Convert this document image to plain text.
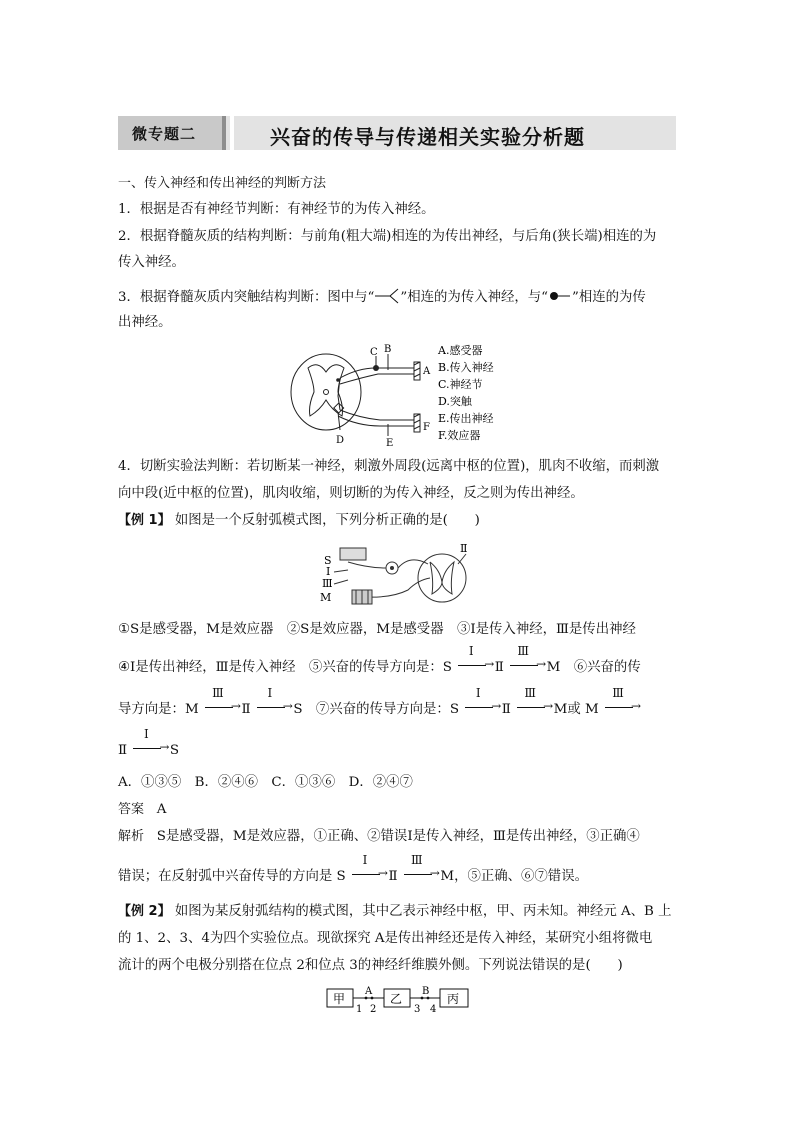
微专题二	兴奋的传导与传递相关实验分析题
一、传入神经和传出神经的判断方法
1．根据是否有神经节判断：有神经节的为传入神经。
2．根据脊髓灰质的结构判断：与前角(粗大端)相连的为传出神经，与后角(狭长端)相连的为
传入神经。
3．根据脊髓灰质内突触结构判断：图中与“ ”相连的为传入神经，与“ ”相连的为传
出神经。
C B
A
F
D	E
A.感受器
B.传入神经
C.神经节
D.突触
E.传出神经
F.效应器
4．切断实验法判断：若切断某一神经，刺激外周段(远离中枢的位置)，肌肉不收缩，而刺激
向中段(近中枢的位置)，肌肉收缩，则切断的为传入神经，反之则为传出神经。
【例 1】 如图是一个反射弧模式图，下列分析正确的是(　　)
S
I
Ⅲ
M
Ⅱ
①S是感受器，M是效应器　②S是效应器，M是感受器　③Ⅰ是传入神经，Ⅲ是传出神经
④Ⅰ是传出神经，Ⅲ是传入神经　⑤兴奋的传导方向是：S
Ⅰ
→ Ⅱ
Ⅲ
→ M　⑥兴奋的传
导方向是：M
Ⅲ
→ Ⅱ
Ⅰ
→ S　⑦兴奋的传导方向是：S
Ⅰ
→ Ⅱ
Ⅲ
→ M或 M
Ⅲ
→
Ⅱ
Ⅰ
→ S
A．①③⑤　B．②④⑥　C．①③⑥　D．②④⑦
答案 A
解析 S是感受器，M是效应器，①正确、②错误Ⅰ是传入神经，Ⅲ是传出神经，③正确④
错误；在反射弧中兴奋传导的方向是 S
Ⅰ
→ Ⅱ
Ⅲ
→ M，⑤正确、⑥⑦错误。
【例 2】 如图为某反射弧结构的模式图，其中乙表示神经中枢，甲、丙未知。神经元 A、B 上
的 1、2、3、4为四个实验位点。现欲探究 A是传出神经还是传入神经，某研究小组将微电
流计的两个电极分别搭在位点 2和位点 3的神经纤维膜外侧。下列说法错误的是(　　)
甲	乙	丙
A	B
1 2	3 4
